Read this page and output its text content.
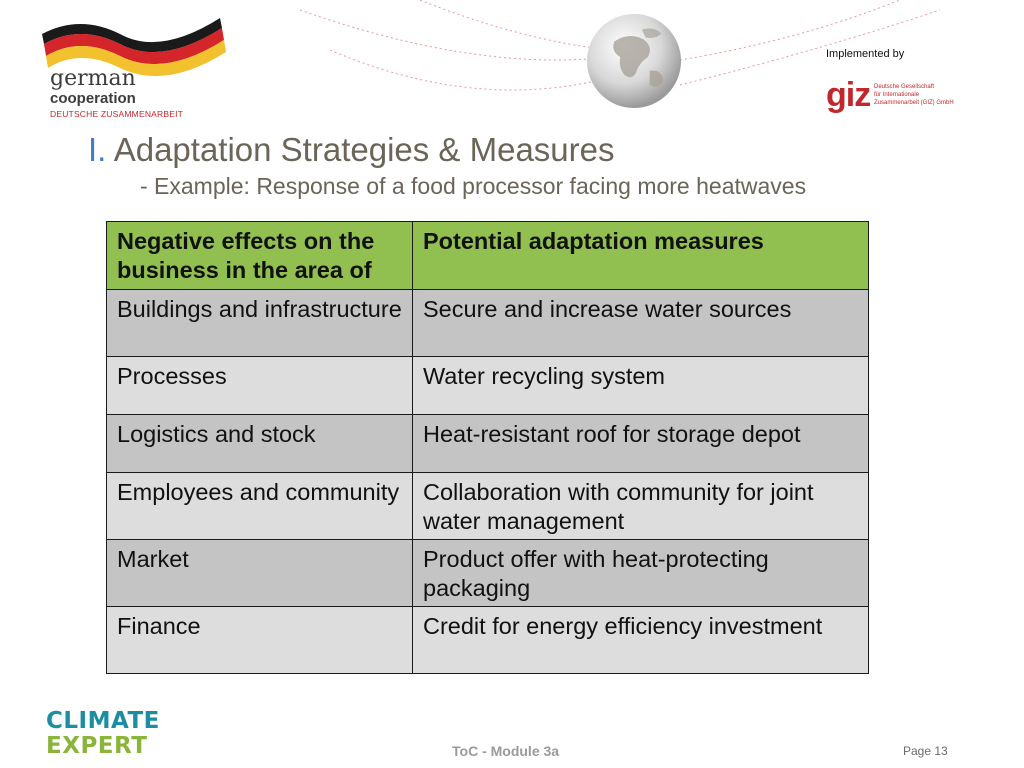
german
cooperation
DEUTSCHE ZUSAMMENARBEIT
Implemented by
giz Deutsche Gesellschaft
für Internationale
Zusammenarbeit (GIZ) GmbH
I. Adaptation Strategies & Measures
- Example: Response of a food processor facing more heatwaves
Negative effects on the business in the area of	Potential adaptation measures
Buildings and infrastructure	Secure and increase water sources
Processes	Water recycling system
Logistics and stock	Heat-resistant roof for storage depot
Employees and community	Collaboration with community for joint water management
Market	Product offer with heat-protecting packaging
Finance	Credit for energy efficiency investment
CLIMATE
EXPERT	ToC - Module 3a	Page 13
